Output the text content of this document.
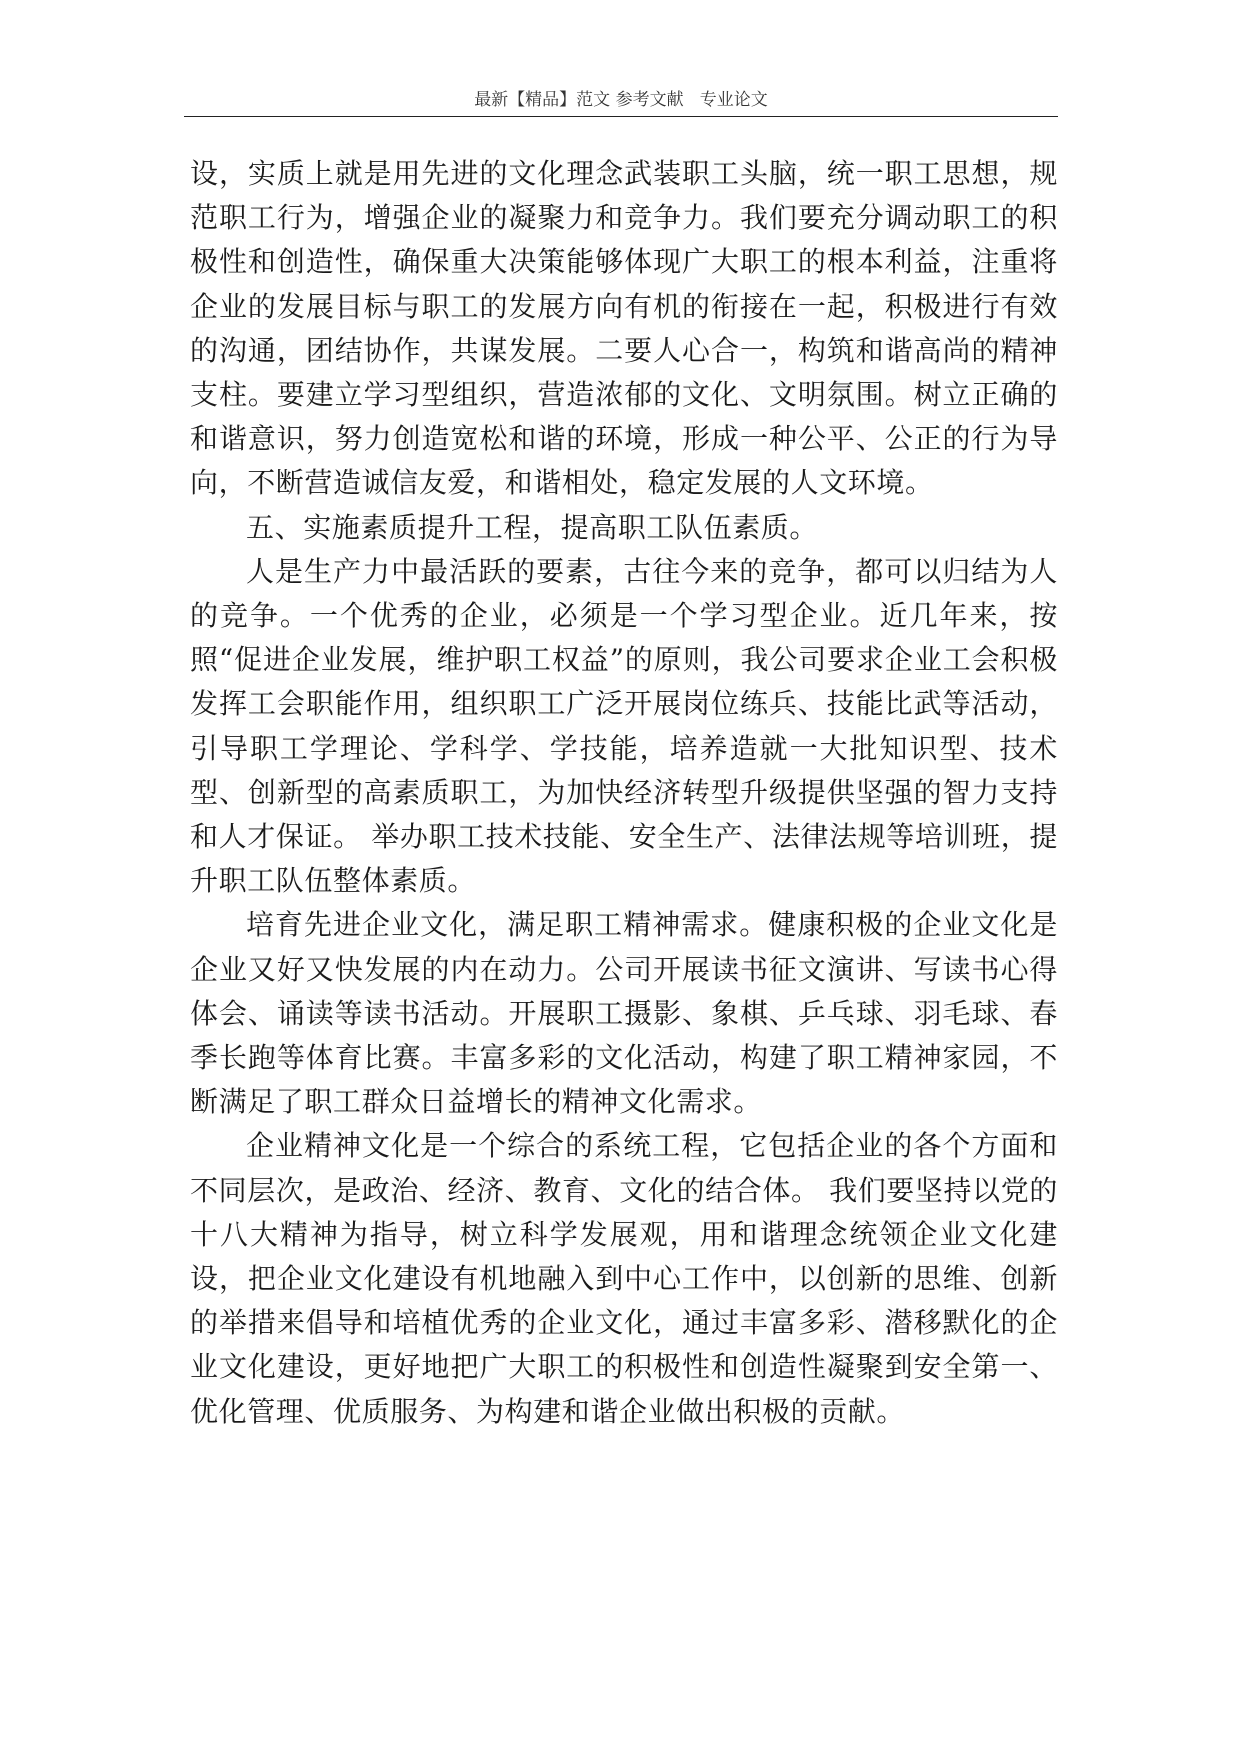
最新【精品】范文 参考文献   专业论文

设，实质上就是用先进的文化理念武装职工头脑，统一职工思想，规范职工行为，增强企业的凝聚力和竞争力。我们要充分调动职工的积极性和创造性，确保重大决策能够体现广大职工的根本利益，注重将企业的发展目标与职工的发展方向有机的衔接在一起，积极进行有效的沟通，团结协作，共谋发展。二要人心合一，构筑和谐高尚的精神支柱。要建立学习型组织，营造浓郁的文化、文明氛围。树立正确的和谐意识，努力创造宽松和谐的环境，形成一种公平、公正的行为导向，不断营造诚信友爱，和谐相处，稳定发展的人文环境。

五、实施素质提升工程，提高职工队伍素质。

人是生产力中最活跃的要素，古往今来的竞争，都可以归结为人的竞争。一个优秀的企业，必须是一个学习型企业。近几年来，按照“促进企业发展，维护职工权益”的原则，我公司要求企业工会积极发挥工会职能作用，组织职工广泛开展岗位练兵、技能比武等活动，引导职工学理论、学科学、学技能，培养造就一大批知识型、技术型、创新型的高素质职工，为加快经济转型升级提供坚强的智力支持和人才保证。 举办职工技术技能、安全生产、法律法规等培训班，提升职工队伍整体素质。

培育先进企业文化，满足职工精神需求。健康积极的企业文化是企业又好又快发展的内在动力。公司开展读书征文演讲、写读书心得体会、诵读等读书活动。开展职工摄影、象棋、乒乓球、羽毛球、春季长跑等体育比赛。丰富多彩的文化活动，构建了职工精神家园，不断满足了职工群众日益增长的精神文化需求。

企业精神文化是一个综合的系统工程，它包括企业的各个方面和不同层次，是政治、经济、教育、文化的结合体。 我们要坚持以党的十八大精神为指导，树立科学发展观，用和谐理念统领企业文化建设，把企业文化建设有机地融入到中心工作中，以创新的思维、创新的举措来倡导和培植优秀的企业文化，通过丰富多彩、潜移默化的企业文化建设，更好地把广大职工的积极性和创造性凝聚到安全第一、优化管理、优质服务、为构建和谐企业做出积极的贡献。
